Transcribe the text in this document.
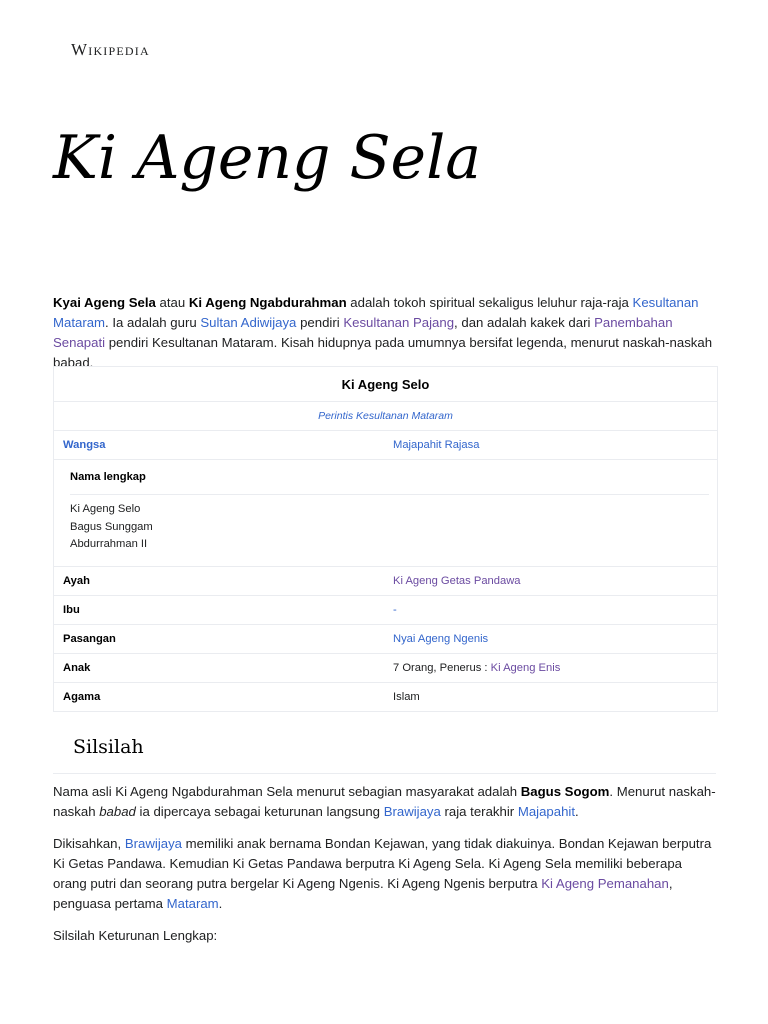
Wikipedia
Ki Ageng Sela

Kyai Ageng Sela atau Ki Ageng Ngabdurahman adalah tokoh spiritual sekaligus leluhur raja-raja Kesultanan Mataram. Ia adalah guru Sultan Adiwijaya pendiri Kesultanan Pajang, dan adalah kakek dari Panembahan Senapati pendiri Kesultanan Mataram. Kisah hidupnya pada umumnya bersifat legenda, menurut naskah-naskah babad.

Ki Ageng Selo
Perintis Kesultanan Mataram
Wangsa	Majapahit Rajasa
Nama lengkap
Ki Ageng Selo
Bagus Sunggam
Abdurrahman II
Ayah	Ki Ageng Getas Pandawa
Ibu	-
Pasangan	Nyai Ageng Ngenis
Anak	7 Orang, Penerus : Ki Ageng Enis
Agama	Islam
Silsilah

Nama asli Ki Ageng Ngabdurahman Sela menurut sebagian masyarakat adalah Bagus Sogom. Menurut naskah-naskah babad ia dipercaya sebagai keturunan langsung Brawijaya raja terakhir Majapahit.

Dikisahkan, Brawijaya memiliki anak bernama Bondan Kejawan, yang tidak diakuinya. Bondan Kejawan berputra Ki Getas Pandawa. Kemudian Ki Getas Pandawa berputra Ki Ageng Sela. Ki Ageng Sela memiliki beberapa orang putri dan seorang putra bergelar Ki Ageng Ngenis. Ki Ageng Ngenis berputra Ki Ageng Pemanahan, penguasa pertama Mataram.

Silsilah Keturunan Lengkap:
